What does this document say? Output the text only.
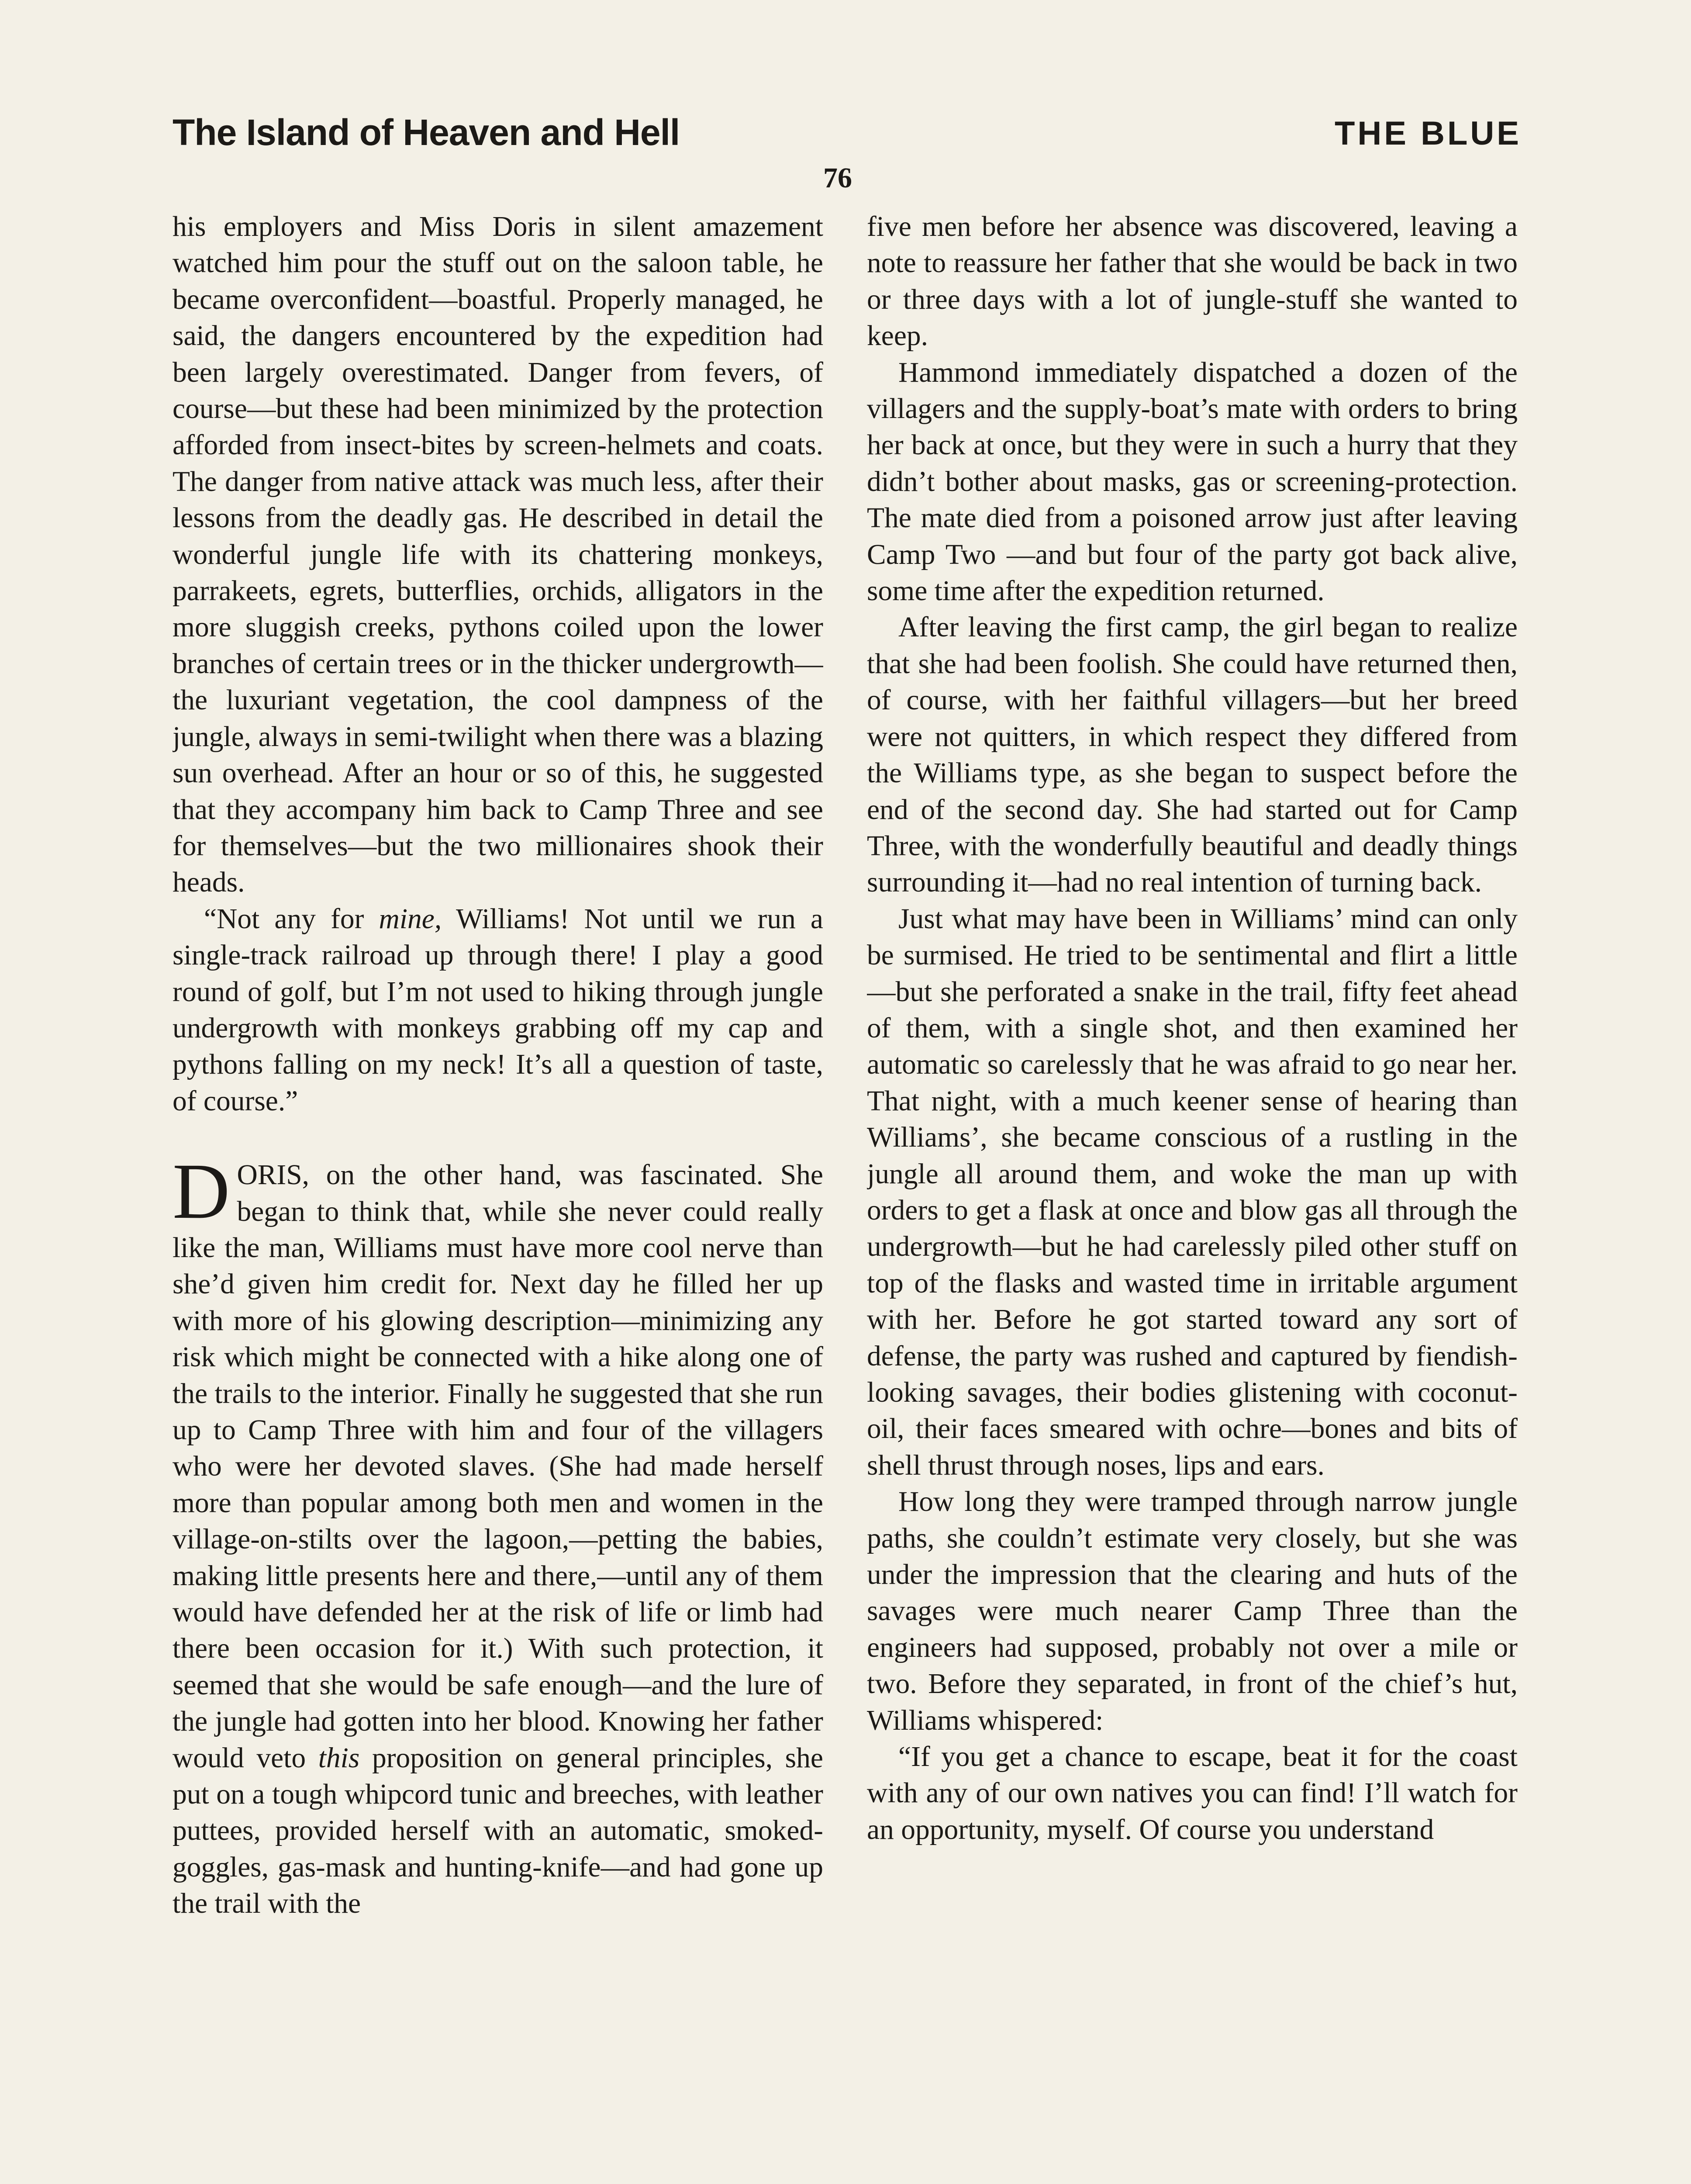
The Island of Heaven and Hell	THE BLUE
76

his employers and Miss Doris in silent amazement watched him pour the stuff out on the saloon table, he became overconfident—boastful. Properly managed, he said, the dangers encountered by the expedition had been largely overestimated. Danger from fevers, of course—but these had been minimized by the protection afforded from insect-bites by screen-helmets and coats. The danger from native attack was much less, after their lessons from the deadly gas. He described in detail the wonderful jungle life with its chattering monkeys, parrakeets, egrets, butterflies, orchids, alligators in the more sluggish creeks, pythons coiled upon the lower branches of certain trees or in the thicker undergrowth—the luxuriant vegetation, the cool dampness of the jungle, always in semi-twilight when there was a blazing sun overhead. After an hour or so of this, he suggested that they accompany him back to Camp Three and see for themselves—but the two millionaires shook their heads.

“Not any for mine, Williams! Not until we run a single-track railroad up through there! I play a good round of golf, but I’m not used to hiking through jungle undergrowth with monkeys grabbing off my cap and pythons falling on my neck! It’s all a question of taste, of course.”

DORIS, on the other hand, was fascinated. She began to think that, while she never could really like the man, Williams must have more cool nerve than she’d given him credit for. Next day he filled her up with more of his glowing description—minimizing any risk which might be connected with a hike along one of the trails to the interior. Finally he suggested that she run up to Camp Three with him and four of the villagers who were her devoted slaves. (She had made herself more than popular among both men and women in the village-on-stilts over the lagoon,—petting the babies, making little presents here and there,—until any of them would have defended her at the risk of life or limb had there been occasion for it.) With such protection, it seemed that she would be safe enough—and the lure of the jungle had gotten into her blood. Knowing her father would veto this proposition on general principles, she put on a tough whipcord tunic and breeches, with leather puttees, provided herself with an automatic, smoked-goggles, gas-mask and hunting-knife—and had gone up the trail with the

five men before her absence was discovered, leaving a note to reassure her father that she would be back in two or three days with a lot of jungle-stuff she wanted to keep.

Hammond immediately dispatched a dozen of the villagers and the supply-boat’s mate with orders to bring her back at once, but they were in such a hurry that they didn’t bother about masks, gas or screening-protection. The mate died from a poisoned arrow just after leaving Camp Two —and but four of the party got back alive, some time after the expedition returned.

After leaving the first camp, the girl began to realize that she had been foolish. She could have returned then, of course, with her faithful villagers—but her breed were not quitters, in which respect they differed from the Williams type, as she began to suspect before the end of the second day. She had started out for Camp Three, with the wonderfully beautiful and deadly things surrounding it—had no real intention of turning back.

Just what may have been in Williams’ mind can only be surmised. He tried to be sentimental and flirt a little—but she perforated a snake in the trail, fifty feet ahead of them, with a single shot, and then examined her automatic so carelessly that he was afraid to go near her. That night, with a much keener sense of hearing than Williams’, she became conscious of a rustling in the jungle all around them, and woke the man up with orders to get a flask at once and blow gas all through the undergrowth—but he had carelessly piled other stuff on top of the flasks and wasted time in irritable argument with her. Before he got started toward any sort of defense, the party was rushed and captured by fiendish-looking savages, their bodies glistening with coconut-oil, their faces smeared with ochre—bones and bits of shell thrust through noses, lips and ears.

How long they were tramped through narrow jungle paths, she couldn’t estimate very closely, but she was under the impression that the clearing and huts of the savages were much nearer Camp Three than the engineers had supposed, probably not over a mile or two. Before they separated, in front of the chief’s hut, Williams whispered:

“If you get a chance to escape, beat it for the coast with any of our own natives you can find! I’ll watch for an opportunity, myself. Of course you understand
